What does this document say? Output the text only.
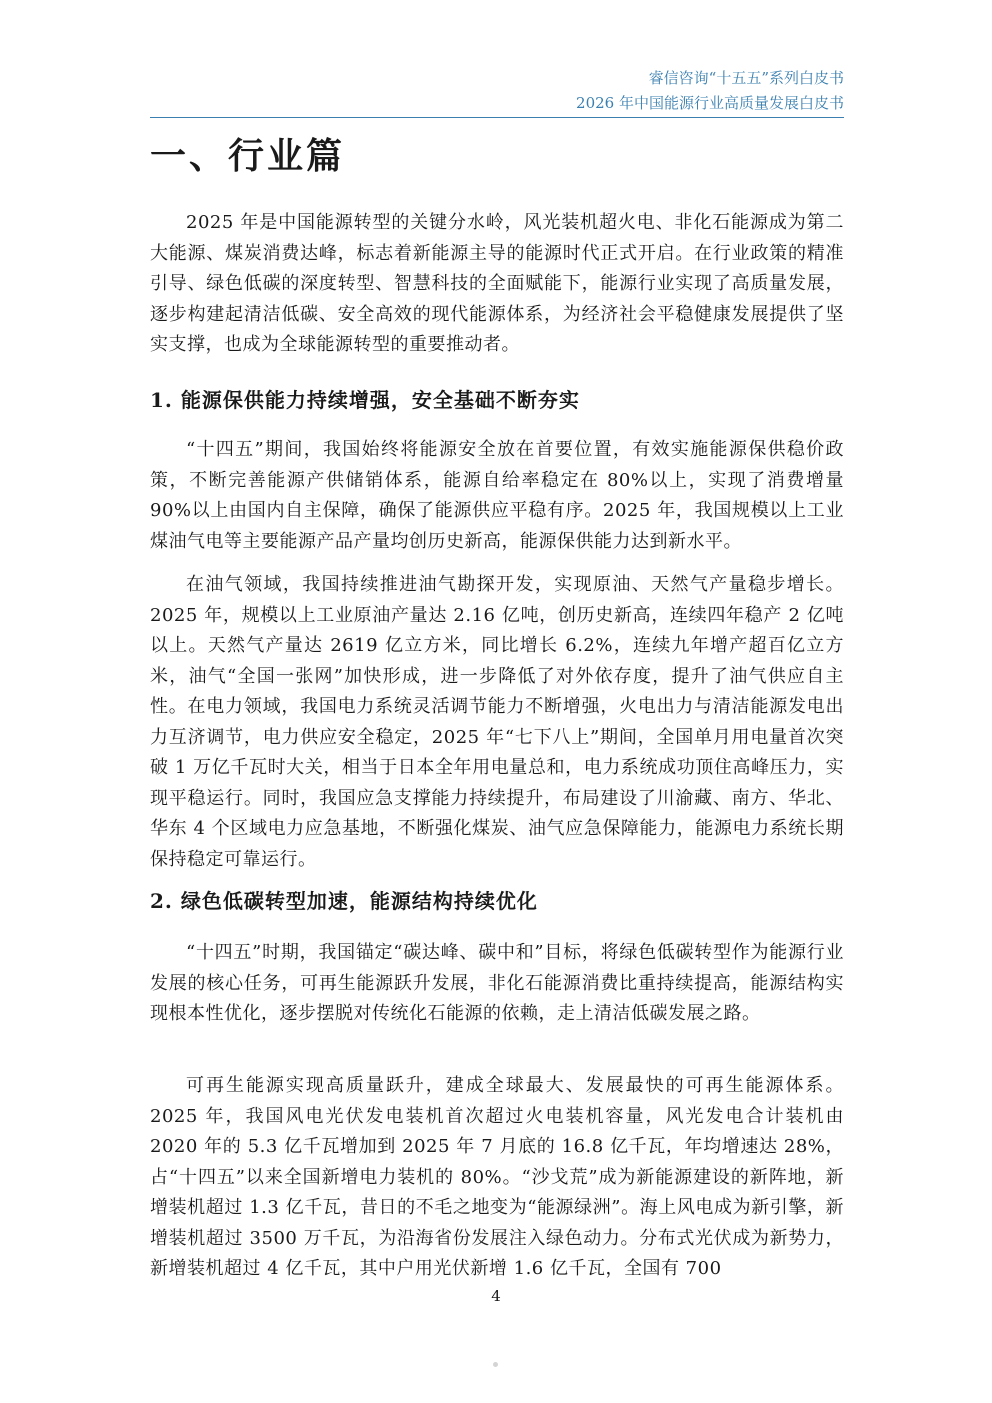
睿信咨询“十五五”系列白皮书
2026 年中国能源行业高质量发展白皮书
一、行业篇

2025 年是中国能源转型的关键分水岭，风光装机超火电、非化石能源成为第二大能源、煤炭消费达峰，标志着新能源主导的能源时代正式开启。在行业政策的精准引导、绿色低碳的深度转型、智慧科技的全面赋能下，能源行业实现了高质量发展，逐步构建起清洁低碳、安全高效的现代能源体系，为经济社会平稳健康发展提供了坚实支撑，也成为全球能源转型的重要推动者。

1. 能源保供能力持续增强，安全基础不断夯实

“十四五”期间，我国始终将能源安全放在首要位置，有效实施能源保供稳价政策，不断完善能源产供储销体系，能源自给率稳定在 80%以上，实现了消费增量 90%以上由国内自主保障，确保了能源供应平稳有序。2025 年，我国规模以上工业煤油气电等主要能源产品产量均创历史新高，能源保供能力达到新水平。

在油气领域，我国持续推进油气勘探开发，实现原油、天然气产量稳步增长。2025 年，规模以上工业原油产量达 2.16 亿吨，创历史新高，连续四年稳产 2 亿吨以上。天然气产量达 2619 亿立方米，同比增长 6.2%，连续九年增产超百亿立方米，油气“全国一张网”加快形成，进一步降低了对外依存度，提升了油气供应自主性。在电力领域，我国电力系统灵活调节能力不断增强，火电出力与清洁能源发电出力互济调节，电力供应安全稳定，2025 年“七下八上”期间，全国单月用电量首次突破 1 万亿千瓦时大关，相当于日本全年用电量总和，电力系统成功顶住高峰压力，实现平稳运行。同时，我国应急支撑能力持续提升，布局建设了川渝藏、南方、华北、华东 4 个区域电力应急基地，不断强化煤炭、油气应急保障能力，能源电力系统长期保持稳定可靠运行。

2. 绿色低碳转型加速，能源结构持续优化

“十四五”时期，我国锚定“碳达峰、碳中和”目标，将绿色低碳转型作为能源行业发展的核心任务，可再生能源跃升发展，非化石能源消费比重持续提高，能源结构实现根本性优化，逐步摆脱对传统化石能源的依赖，走上清洁低碳发展之路。

可再生能源实现高质量跃升，建成全球最大、发展最快的可再生能源体系。2025 年，我国风电光伏发电装机首次超过火电装机容量，风光发电合计装机由 2020 年的 5.3 亿千瓦增加到 2025 年 7 月底的 16.8 亿千瓦，年均增速达 28%，占“十四五”以来全国新增电力装机的 80%。“沙戈荒”成为新能源建设的新阵地，新增装机超过 1.3 亿千瓦，昔日的不毛之地变为“能源绿洲”。海上风电成为新引擎，新增装机超过 3500 万千瓦，为沿海省份发展注入绿色动力。分布式光伏成为新势力，新增装机超过 4 亿千瓦，其中户用光伏新增 1.6 亿千瓦，全国有 700

4
